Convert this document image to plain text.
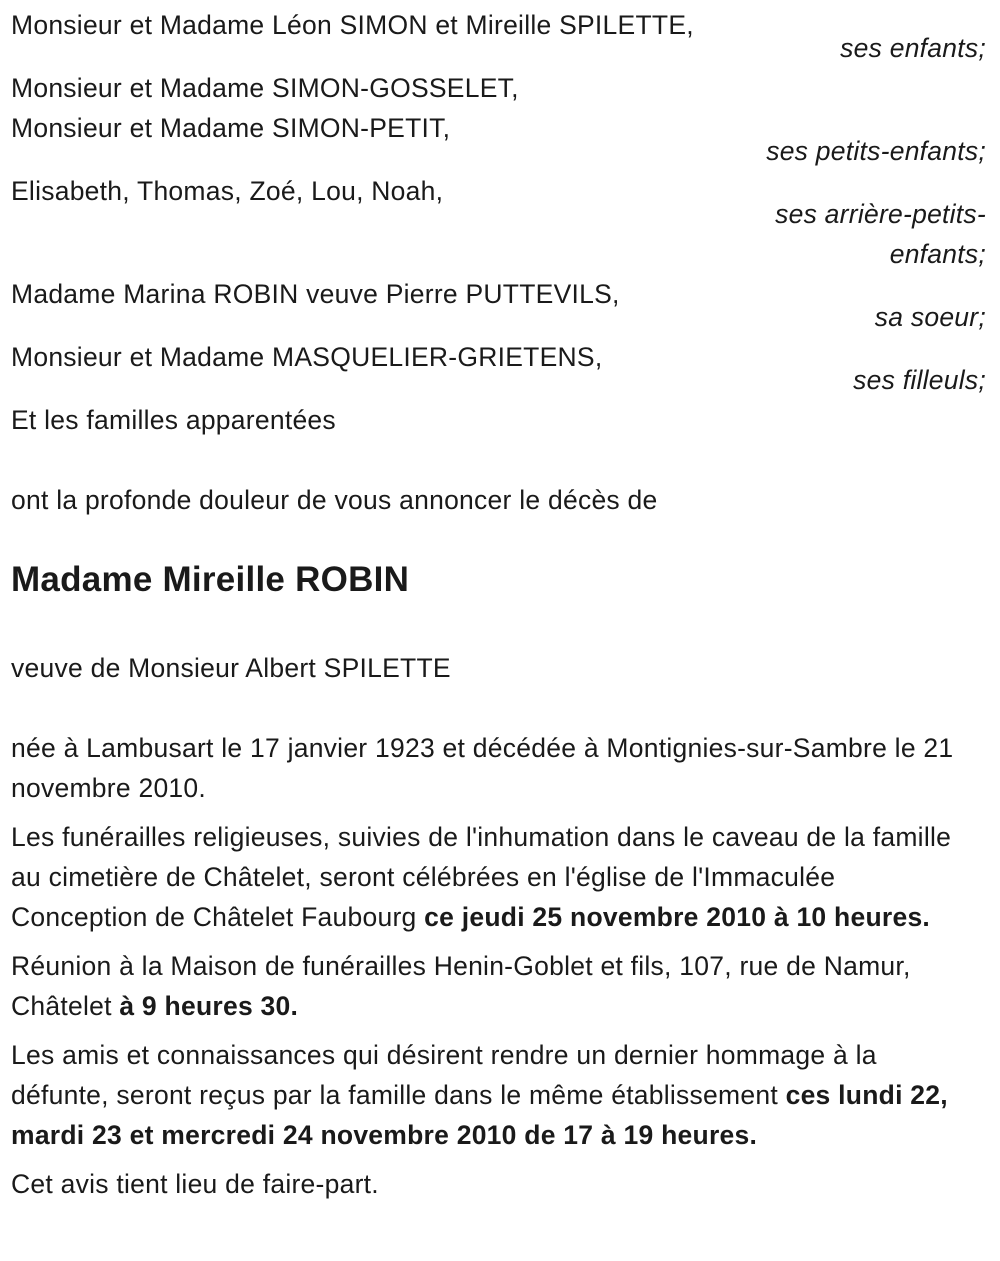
Monsieur et Madame Léon SIMON et Mireille SPILETTE,
ses enfants;
Monsieur et Madame SIMON-GOSSELET,
Monsieur et Madame SIMON-PETIT,
ses petits-enfants;
Elisabeth, Thomas, Zoé, Lou, Noah,
ses arrière-petits-
enfants;
Madame Marina ROBIN veuve Pierre PUTTEVILS,
sa soeur;
Monsieur et Madame MASQUELIER-GRIETENS,
ses filleuls;
Et les familles apparentées
ont la profonde douleur de vous annoncer le décès de
Madame Mireille ROBIN
veuve de Monsieur Albert SPILETTE
née à Lambusart le 17 janvier 1923 et décédée à Montignies-sur-Sambre le 21 novembre 2010.
Les funérailles religieuses, suivies de l'inhumation dans le caveau de la famille au cimetière de Châtelet, seront célébrées en l'église de l'Immaculée Conception de Châtelet Faubourg ce jeudi 25 novembre 2010 à 10 heures.
Réunion à la Maison de funérailles Henin-Goblet et fils, 107, rue de Namur, Châtelet à 9 heures 30.
Les amis et connaissances qui désirent rendre un dernier hommage à la défunte, seront reçus par la famille dans le même établissement ces lundi 22, mardi 23 et mercredi 24 novembre 2010 de 17 à 19 heures.
Cet avis tient lieu de faire-part.
